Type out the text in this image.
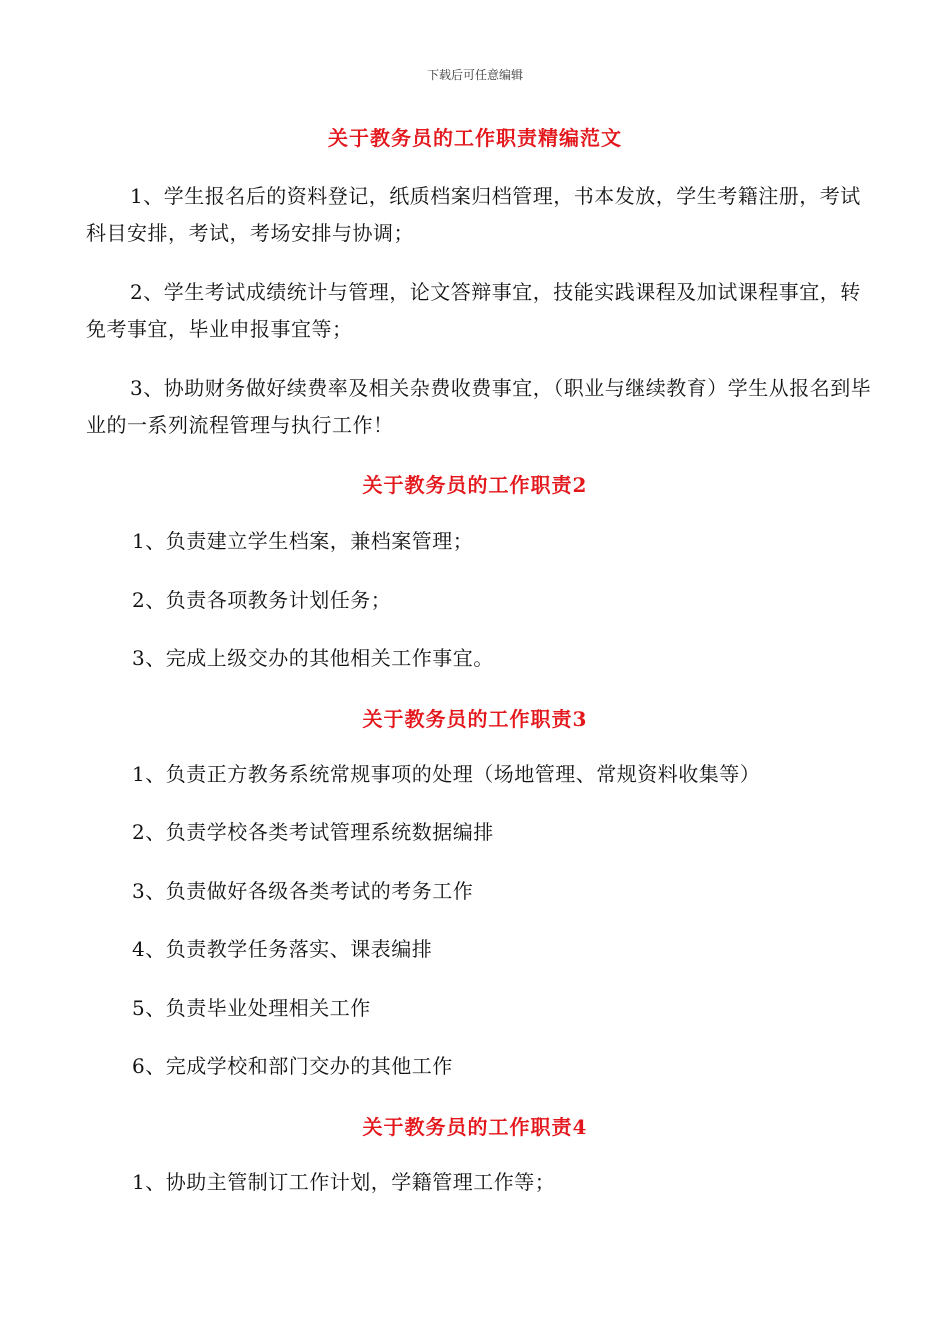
下载后可任意编辑
关于教务员的工作职责精编范文
1、学生报名后的资料登记，纸质档案归档管理，书本发放，学生考籍注册，考试科目安排，考试，考场安排与协调；
2、学生考试成绩统计与管理，论文答辩事宜，技能实践课程及加试课程事宜，转免考事宜，毕业申报事宜等；
3、协助财务做好续费率及相关杂费收费事宜，（职业与继续教育）学生从报名到毕业的一系列流程管理与执行工作！
关于教务员的工作职责2
1、负责建立学生档案，兼档案管理；
2、负责各项教务计划任务；
3、完成上级交办的其他相关工作事宜。
关于教务员的工作职责3
1、负责正方教务系统常规事项的处理（场地管理、常规资料收集等）
2、负责学校各类考试管理系统数据编排
3、负责做好各级各类考试的考务工作
4、负责教学任务落实、课表编排
5、负责毕业处理相关工作
6、完成学校和部门交办的其他工作
关于教务员的工作职责4
1、协助主管制订工作计划，学籍管理工作等；
